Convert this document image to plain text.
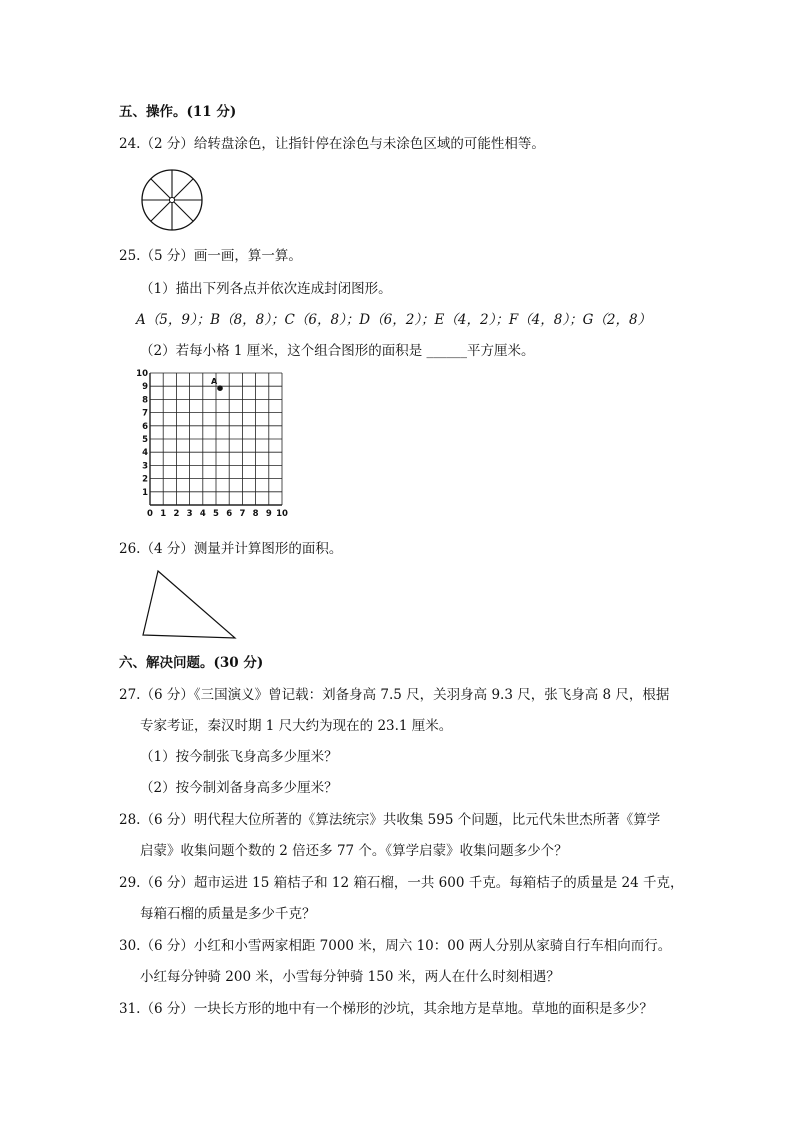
五、操作。(11 分)
24.（2 分）给转盘涂色，让指针停在涂色与未涂色区域的可能性相等。
25.（5 分）画一画，算一算。
（1）描出下列各点并依次连成封闭图形。
A（5，9）；B（8，8）；C（6，8）；D（6，2）；E（4，2）；F（4，8）；G（2，8）
（2）若每小格 1 厘米，这个组合图形的面积是 ______平方厘米。
0 1 2 3 4 5 6 7 8 9 10
10
9
8
7
6
5
4
3
2
1
A
26.（4 分）测量并计算图形的面积。
六、解决问题。(30 分)
27.（6 分）《三国演义》曾记载：刘备身高 7.5 尺，关羽身高 9.3 尺，张飞身高 8 尺，根据
专家考证，秦汉时期 1 尺大约为现在的 23.1 厘米。
（1）按今制张飞身高多少厘米？
（2）按今制刘备身高多少厘米？
28.（6 分）明代程大位所著的《算法统宗》共收集 595 个问题，比元代朱世杰所著《算学
启蒙》收集问题个数的 2 倍还多 77 个。《算学启蒙》收集问题多少个？
29.（6 分）超市运进 15 箱桔子和 12 箱石榴，一共 600 千克。每箱桔子的质量是 24 千克，
每箱石榴的质量是多少千克？
30.（6 分）小红和小雪两家相距 7000 米，周六 10：00 两人分别从家骑自行车相向而行。
小红每分钟骑 200 米，小雪每分钟骑 150 米，两人在什么时刻相遇？
31.（6 分）一块长方形的地中有一个梯形的沙坑，其余地方是草地。草地的面积是多少？
